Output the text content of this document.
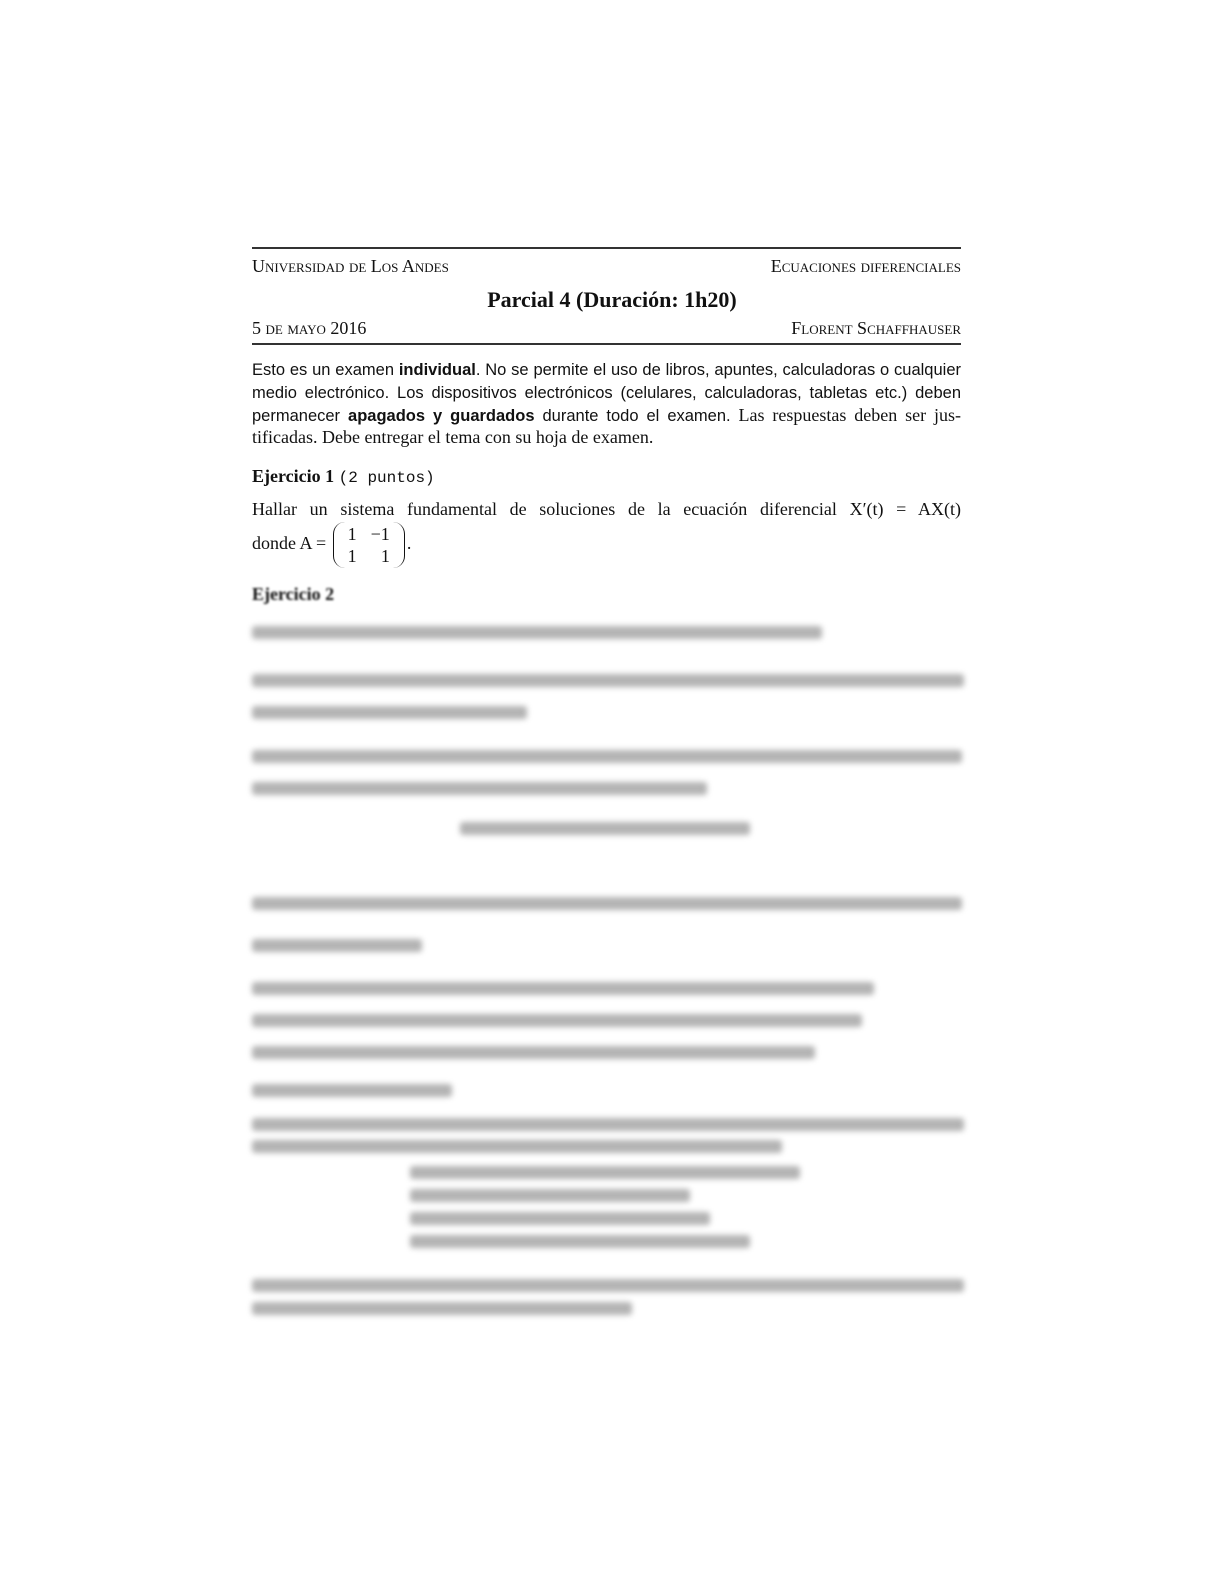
Universidad de Los Andes	Ecuaciones diferenciales
Parcial 4 (Duración: 1h20)
5 de mayo 2016	Florent Schaffhauser
Esto es un examen individual. No se permite el uso de libros, apuntes, calculadoras o cualquier
medio electrónico. Los dispositivos electrónicos (celulares, calculadoras, tabletas etc.) deben
permanecer apagados y guardados durante todo el examen. Las respuestas deben ser jus-
tificadas. Debe entregar el tema con su hoja de examen.
Ejercicio 1 (2 puntos)
Hallar un sistema fundamental de soluciones de la ecuación diferencial X′(t) = AX(t)
donde A = 1	−1
1	1.
Ejercicio 2
